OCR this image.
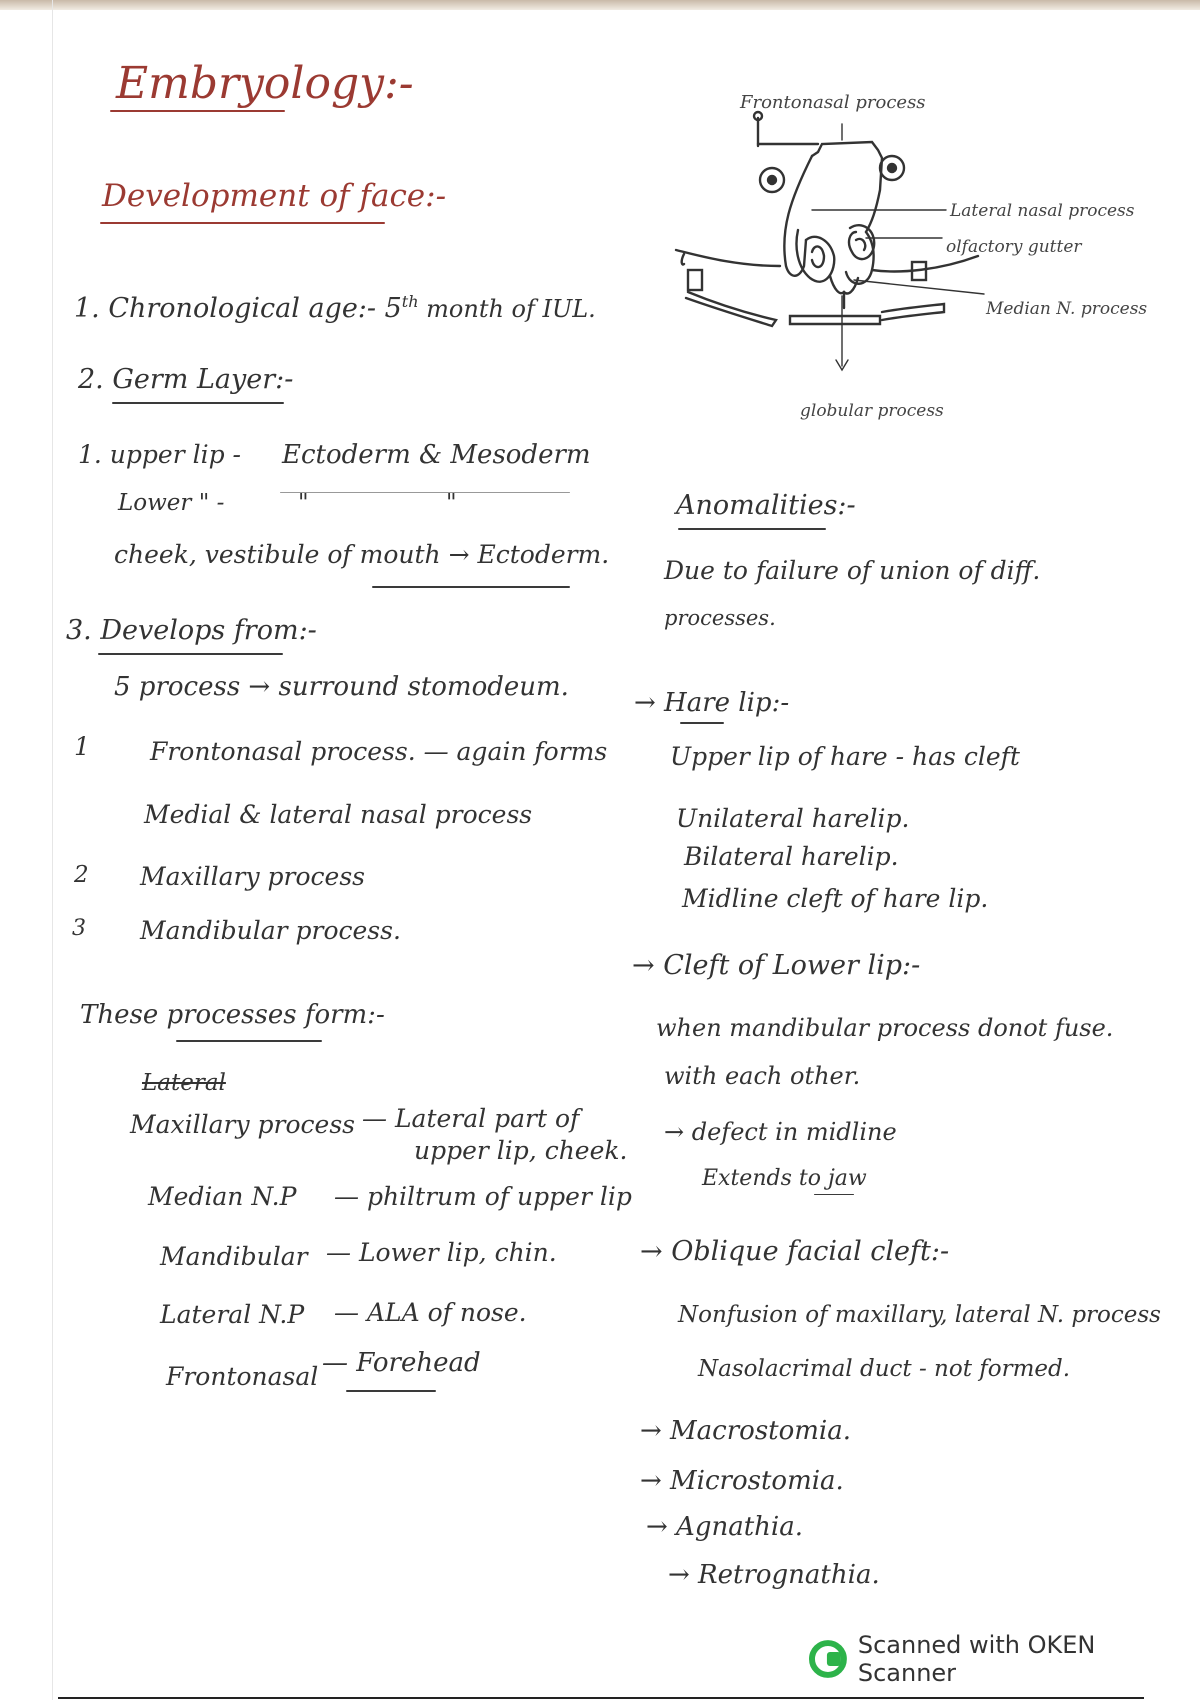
Embryology:-
Development of face:-
1. Chronological age:- 5th month of IUL.
2. Germ Layer:-
1. upper lip - Ectoderm & Mesoderm
Lower " -	"	"
cheek, vestibule of mouth → Ectoderm.
3. Develops from:-
5 process → surround stomodeum.
1 Frontonasal process. — again forms
Medial & lateral nasal process
2 Maxillary process
3 Mandibular process.
These processes form:-
Lateral
Maxillary process — Lateral part of
upper lip, cheek.
Median N.P — philtrum of upper lip
Mandibular — Lower lip, chin.
Lateral N.P — ALA of nose.
Frontonasal — Forehead
Frontonasal process
Lateral nasal process
olfactory gutter
Median N. process
globular process
Anomalities:-
Due to failure of union of diff.
processes.
→ Hare lip:-
Upper lip of hare - has cleft
Unilateral harelip.
Bilateral harelip.
Midline cleft of hare lip.
→ Cleft of Lower lip:-
when mandibular process donot fuse.
with each other.
→ defect in midline
Extends to jaw
→ Oblique facial cleft:-
Nonfusion of maxillary, lateral N. process
Nasolacrimal duct - not formed.
→ Macrostomia.
→ Microstomia.
→ Agnathia.
→ Retrognathia.
Scanned with OKEN Scanner
